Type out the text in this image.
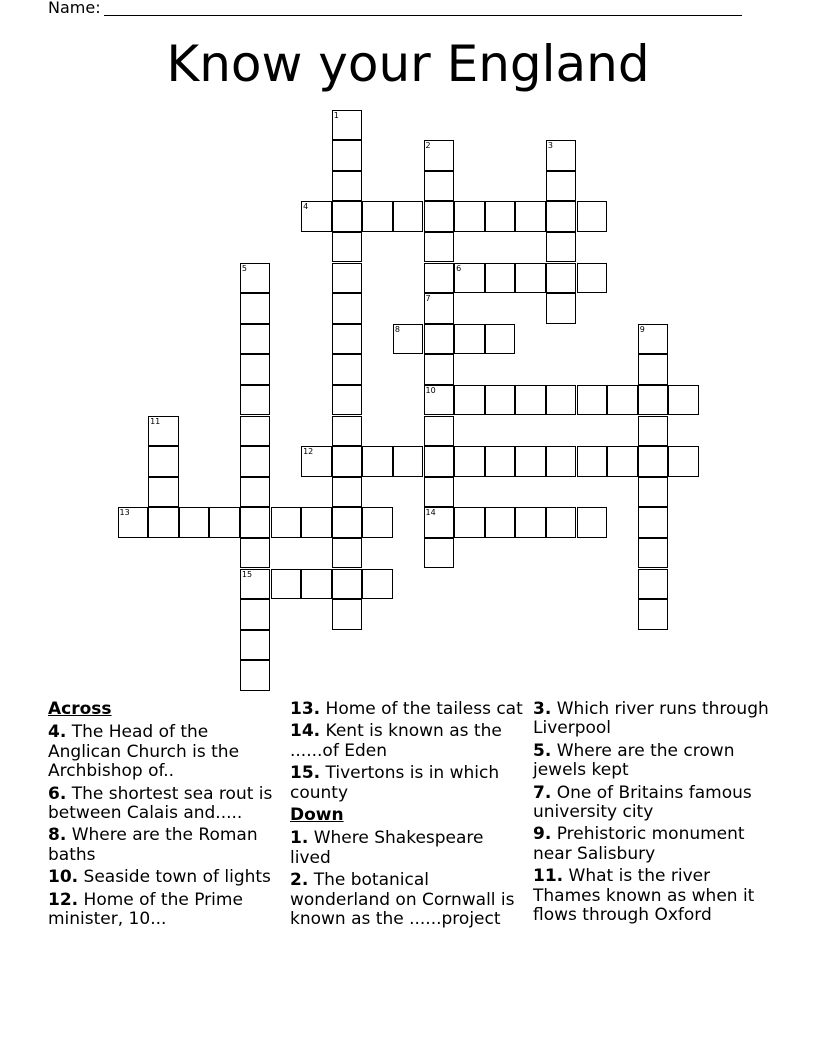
Name:
Know your England
1
2	3
4
5
15
6
7
10
14
8	9
11
12
13
Across
4. The Head of the Anglican Church is the Archbishop of..
6. The shortest sea rout is between Calais and.....
8. Where are the Roman baths
10. Seaside town of lights
12. Home of the Prime minister, 10...
13. Home of the tailess cat
14. Kent is known as the ......of Eden
15. Tivertons is in which county
Down
1. Where Shakespeare lived
2. The botanical wonderland on Cornwall is known as the ......project
3. Which river runs through Liverpool
5. Where are the crown jewels kept
7. One of Britains famous university city
9. Prehistoric monument near Salisbury
11. What is the river Thames known as when it flows through Oxford
